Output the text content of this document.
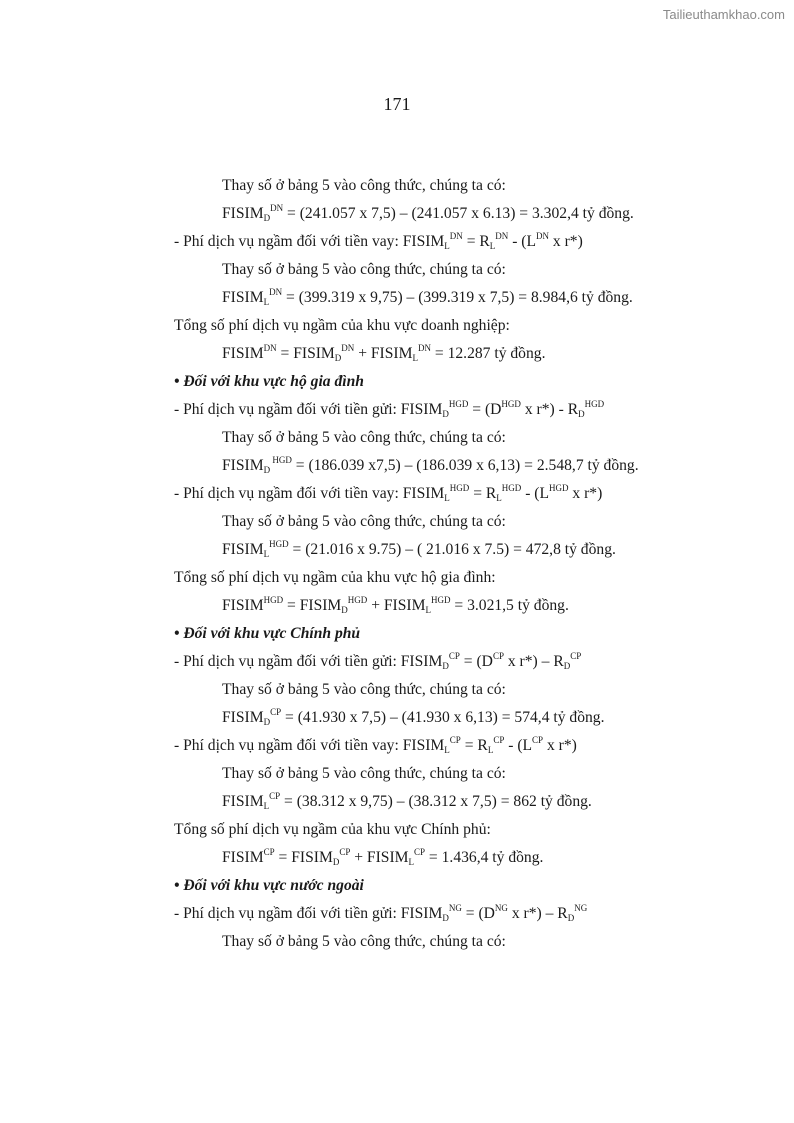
Tailieuthamkhao.com
171
Thay số ở bảng 5 vào công thức, chúng ta có:
$FISIM_D^{DN} = (241.057$ x 7,5) – (241.057 x 6.13) = 3.302,4 tỷ đồng.
- Phí dịch vụ ngầm đối với tiền vay: $FISIM_L^{DN} = R_L^{DN} - (L^{DN}$ x r*)
Thay số ở bảng 5 vào công thức, chúng ta có:
$FISIM_L^{DN} = (399.319$ x 9,75) – (399.319 x 7,5) = 8.984,6 tỷ đồng.
Tổng số phí dịch vụ ngầm của khu vực doanh nghiệp:
$FISIM^{DN}$ = $FISIM_D^{DN}$ + $FISIM_L^{DN} = 12.287$ tỷ đồng.
• Đối với khu vực hộ gia đình
- Phí dịch vụ ngầm đối với tiền gửi: $FISIM_D^{HGD} = (D^{HGD}$ x $r*) - R_D^{HGD}$
Thay số ở bảng 5 vào công thức, chúng ta có:
$FISIM_D$ $^{HGD}$ = (186.039 x7,5) – (186.039 x 6,13) = 2.548,7 tỷ đồng.
- Phí dịch vụ ngầm đối với tiền vay: $FISIM_L^{HGD} = R_L^{HGD} - (L^{HGD}$ x r*)
Thay số ở bảng 5 vào công thức, chúng ta có:
$FISIM_L^{HGD} = (21.016$ x 9.75) – ( 21.016 x 7.5) = 472,8 tỷ đồng.
Tổng số phí dịch vụ ngầm của khu vực hộ gia đình:
$FISIM^{HGD}$ = $FISIM_D^{HGD}$ + $FISIM_L^{HGD} = 3.021,5$ tỷ đồng.
• Đối với khu vực Chính phủ
- Phí dịch vụ ngầm đối với tiền gửi: $FISIM_D^{CP} = (D^{CP}$ x $r*) - R_D^{CP}$
Thay số ở bảng 5 vào công thức, chúng ta có:
$FISIM_D^{CP} = (41.930$ x 7,5) – (41.930 x 6,13) = 574,4 tỷ đồng.
- Phí dịch vụ ngầm đối với tiền vay: $FISIM_L^{CP} = R_L^{CP} - (L^{CP}$ x r*)
Thay số ở bảng 5 vào công thức, chúng ta có:
$FISIM_L^{CP} = (38.312$ x 9,75) – (38.312 x 7,5) = 862 tỷ đồng.
Tổng số phí dịch vụ ngầm của khu vực Chính phủ:
$FISIM^{CP}$ = $FISIM_D^{CP}$ + $FISIM_L^{CP} = 1.436,4$ tỷ đồng.
• Đối với khu vực nước ngoài
- Phí dịch vụ ngầm đối với tiền gửi: $FISIM_D^{NG} = (D^{NG}$ x $r*) - R_D^{NG}$
Thay số ở bảng 5 vào công thức, chúng ta có:
